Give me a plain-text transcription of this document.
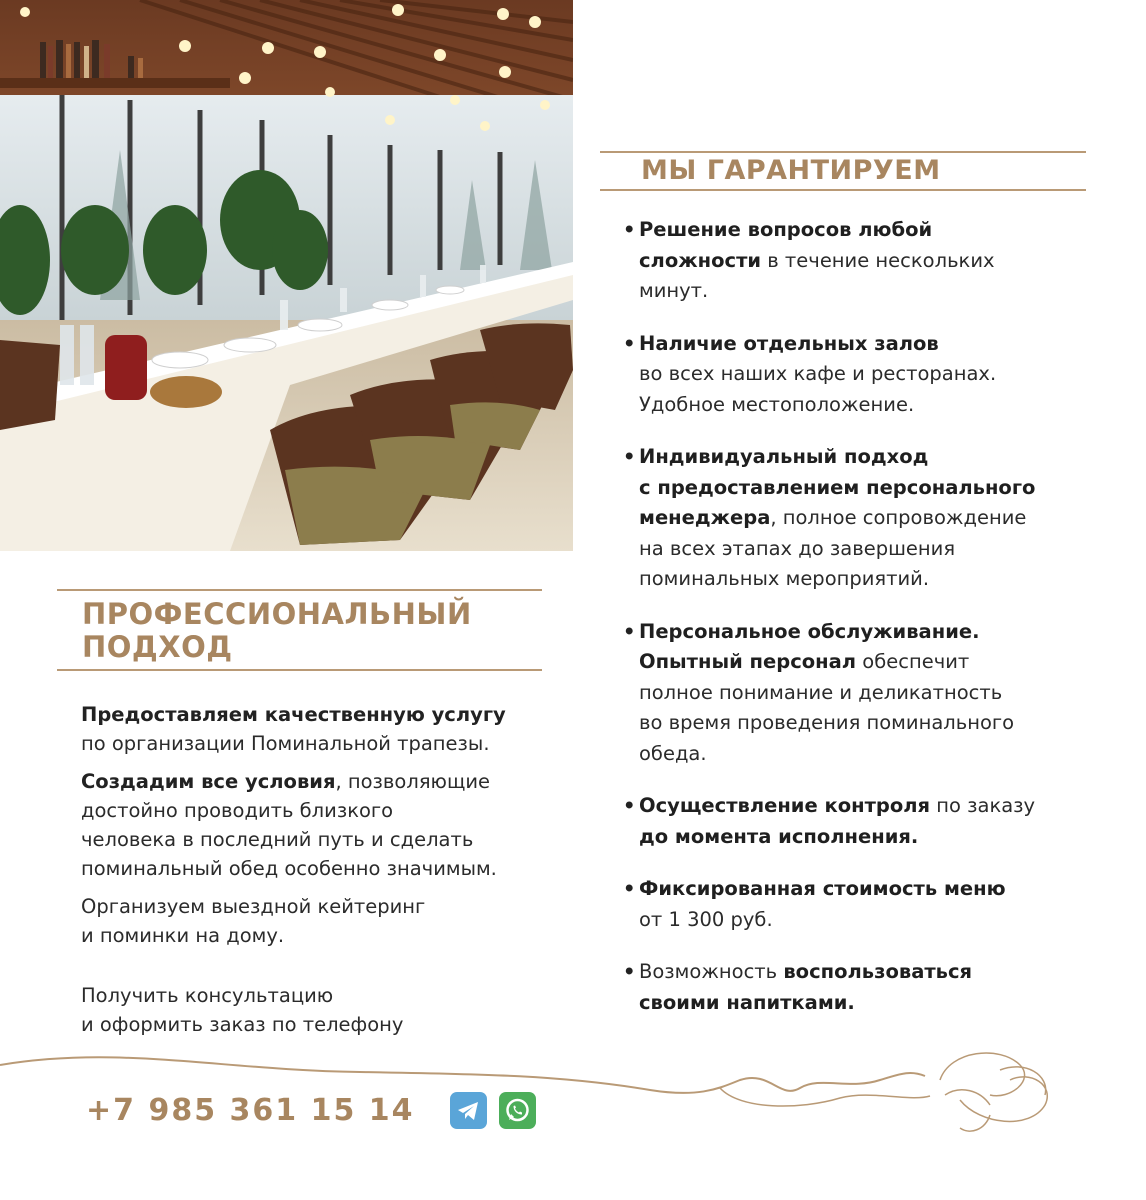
ПРОФЕССИОНАЛЬНЫЙ
ПОДХОД

Предоставляем качественную услугу
по организации Поминальной трапезы.

Создадим все условия, позволяющие
достойно проводить близкого
человека в последний путь и сделать
поминальный обед особенно значимым.

Организуем выездной кейтеринг
и поминки на дому.

Получить консультацию
и оформить заказ по телефону

МЫ ГАРАНТИРУЕМ
• Решение вопросов любой
сложности в течение нескольких
минут.
• Наличие отдельных залов
во всех наших кафе и ресторанах.
Удобное местоположение.
• Индивидуальный подход
с предоставлением персонального
менеджера, полное сопровождение
на всех этапах до завершения
поминальных мероприятий.
• Персональное обслуживание.
Опытный персонал обеспечит
полное понимание и деликатность
во время проведения поминального
обеда.
• Осуществление контроля по заказу
до момента исполнения.
• Фиксированная стоимость меню
от 1 300 руб.
• Возможность воспользоваться
своими напитками.
+7 985 361 15 14
